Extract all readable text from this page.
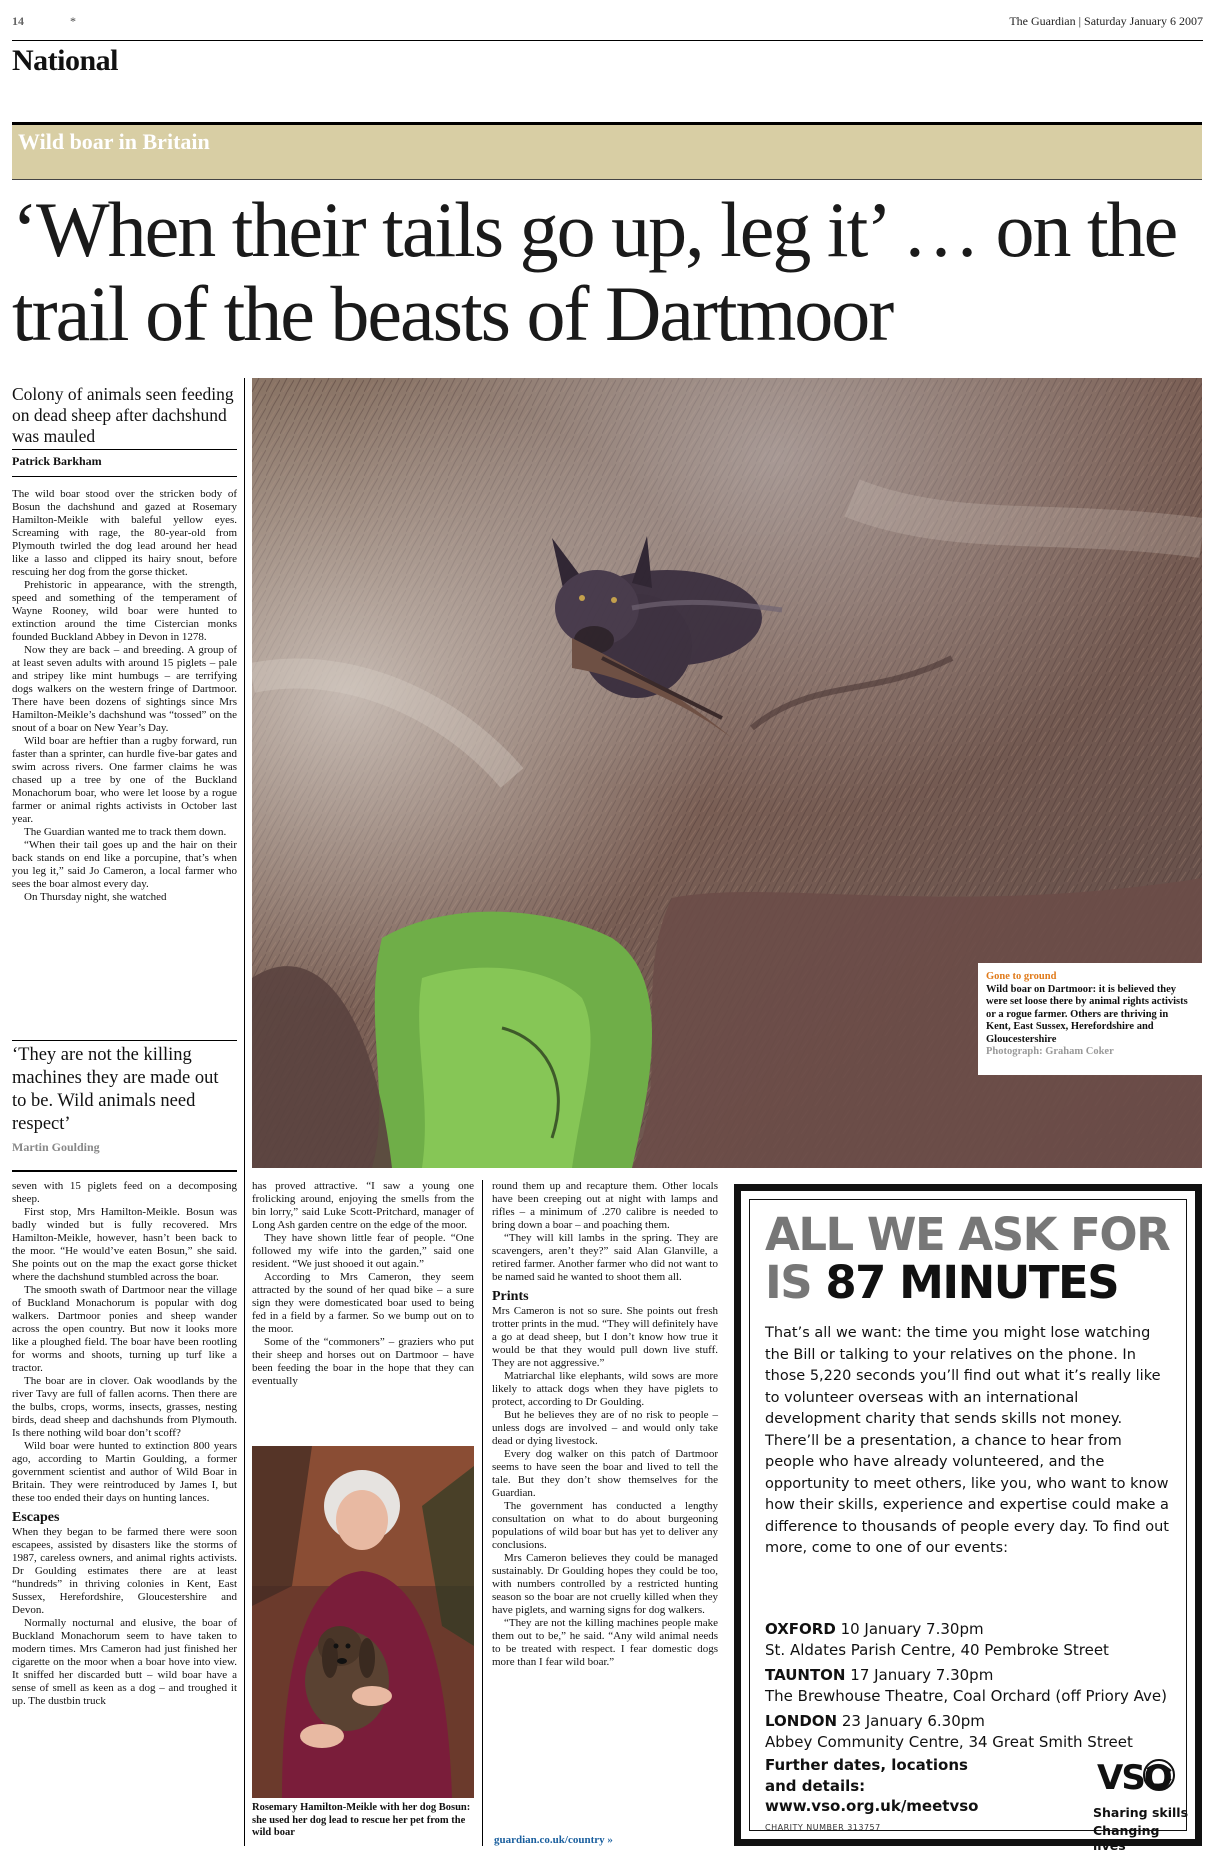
14	*	The Guardian | Saturday January 6 2007
National
Wild boar in Britain
‘When their tails go up, leg it’ … on the trail of the beasts of Dartmoor
Colony of animals seen feeding on dead sheep after dachshund was mauled
Patrick Barkham

The wild boar stood over the stricken body of Bosun the dachshund and gazed at Rosemary Hamilton-Meikle with baleful yellow eyes. Screaming with rage, the 80-year-old from Plymouth twirled the dog lead around her head like a lasso and clipped its hairy snout, before rescuing her dog from the gorse thicket.

Prehistoric in appearance, with the strength, speed and something of the temperament of Wayne Rooney, wild boar were hunted to extinction around the time Cistercian monks founded Buckland Abbey in Devon in 1278.

Now they are back – and breeding. A group of at least seven adults with around 15 piglets – pale and stripey like mint humbugs – are terrifying dogs walkers on the western fringe of Dartmoor. There have been dozens of sightings since Mrs Hamilton-Meikle’s dachshund was “tossed” on the snout of a boar on New Year’s Day.

Wild boar are heftier than a rugby forward, run faster than a sprinter, can hurdle five-bar gates and swim across rivers. One farmer claims he was chased up a tree by one of the Buckland Monachorum boar, who were let loose by a rogue farmer or animal rights activists in October last year.

The Guardian wanted me to track them down.

“When their tail goes up and the hair on their back stands on end like a porcupine, that’s when you leg it,” said Jo Cameron, a local farmer who sees the boar almost every day.

On Thursday night, she watched

‘They are not the killing machines they are made out to be. Wild animals need respect’
Martin Goulding
Gone to ground
Wild boar on Dartmoor: it is believed they were set loose there by animal rights activists or a rogue farmer. Others are thriving in Kent, East Sussex, Herefordshire and Gloucestershire
Photograph: Graham Coker

seven with 15 piglets feed on a decomposing sheep.

First stop, Mrs Hamilton-Meikle. Bosun was badly winded but is fully recovered. Mrs Hamilton-Meikle, however, hasn’t been back to the moor. “He would’ve eaten Bosun,” she said. She points out on the map the exact gorse thicket where the dachshund stumbled across the boar.

The smooth swath of Dartmoor near the village of Buckland Monachorum is popular with dog walkers. Dartmoor ponies and sheep wander across the open country. But now it looks more like a ploughed field. The boar have been rootling for worms and shoots, turning up turf like a tractor.

The boar are in clover. Oak woodlands by the river Tavy are full of fallen acorns. Then there are the bulbs, crops, worms, insects, grasses, nesting birds, dead sheep and dachshunds from Plymouth. Is there nothing wild boar don’t scoff?

Wild boar were hunted to extinction 800 years ago, according to Martin Goulding, a former government scientist and author of Wild Boar in Britain. They were reintroduced by James I, but these too ended their days on hunting lances.

Escapes

When they began to be farmed there were soon escapees, assisted by disasters like the storms of 1987, careless owners, and animal rights activists. Dr Goulding estimates there are at least “hundreds” in thriving colonies in Kent, East Sussex, Herefordshire, Gloucestershire and Devon.

Normally nocturnal and elusive, the boar of Buckland Monachorum seem to have taken to modern times. Mrs Cameron had just finished her cigarette on the moor when a boar hove into view. It sniffed her discarded butt – wild boar have a sense of smell as keen as a dog – and troughed it up. The dustbin truck

has proved attractive. “I saw a young one frolicking around, enjoying the smells from the bin lorry,” said Luke Scott-Pritchard, manager of Long Ash garden centre on the edge of the moor.

They have shown little fear of people. “One followed my wife into the garden,” said one resident. “We just shooed it out again.”

According to Mrs Cameron, they seem attracted by the sound of her quad bike – a sure sign they were domesticated boar used to being fed in a field by a farmer. So we bump out on to the moor.

Some of the “commoners” – graziers who put their sheep and horses out on Dartmoor – have been feeding the boar in the hope that they can eventually

Rosemary Hamilton-Meikle with her dog Bosun: she used her dog lead to rescue her pet from the wild boar

round them up and recapture them. Other locals have been creeping out at night with lamps and rifles – a minimum of .270 calibre is needed to bring down a boar – and poaching them.

“They will kill lambs in the spring. They are scavengers, aren’t they?” said Alan Glanville, a retired farmer. Another farmer who did not want to be named said he wanted to shoot them all.

Prints

Mrs Cameron is not so sure. She points out fresh trotter prints in the mud. “They will definitely have a go at dead sheep, but I don’t know how true it would be that they would pull down live stuff. They are not aggressive.”

Matriarchal like elephants, wild sows are more likely to attack dogs when they have piglets to protect, according to Dr Goulding.

But he believes they are of no risk to people – unless dogs are involved – and would only take dead or dying livestock.

Every dog walker on this patch of Dartmoor seems to have seen the boar and lived to tell the tale. But they don’t show themselves for the Guardian.

The government has conducted a lengthy consultation on what to do about burgeoning populations of wild boar but has yet to deliver any conclusions.

Mrs Cameron believes they could be managed sustainably. Dr Goulding hopes they could be too, with numbers controlled by a restricted hunting season so the boar are not cruelly killed when they have piglets, and warning signs for dog walkers.

“They are not the killing machines people make them out to be,” he said. “Any wild animal needs to be treated with respect. I fear domestic dogs more than I fear wild boar.”

guardian.co.uk/country »
ALL WE ASK FOR
IS 87 MINUTES
That’s all we want: the time you might lose watching the Bill or talking to your relatives on the phone. In those 5,220 seconds you’ll find out what it’s really like to volunteer overseas with an international development charity that sends skills not money. There’ll be a presentation, a chance to hear from people who have already volunteered, and the opportunity to meet others, like you, who want to know how their skills, experience and expertise could make a difference to thousands of people every day. To find out more, come to one of our events:
OXFORD 10 January 7.30pm
St. Aldates Parish Centre, 40 Pembroke Street
TAUNTON 17 January 7.30pm
The Brewhouse Theatre, Coal Orchard (off Priory Ave)
LONDON 23 January 6.30pm
Abbey Community Centre, 34 Great Smith Street
Further dates, locations
and details:
www.vso.org.uk/meetvso
CHARITY NUMBER 313757
VSO
Sharing skills
Changing lives
